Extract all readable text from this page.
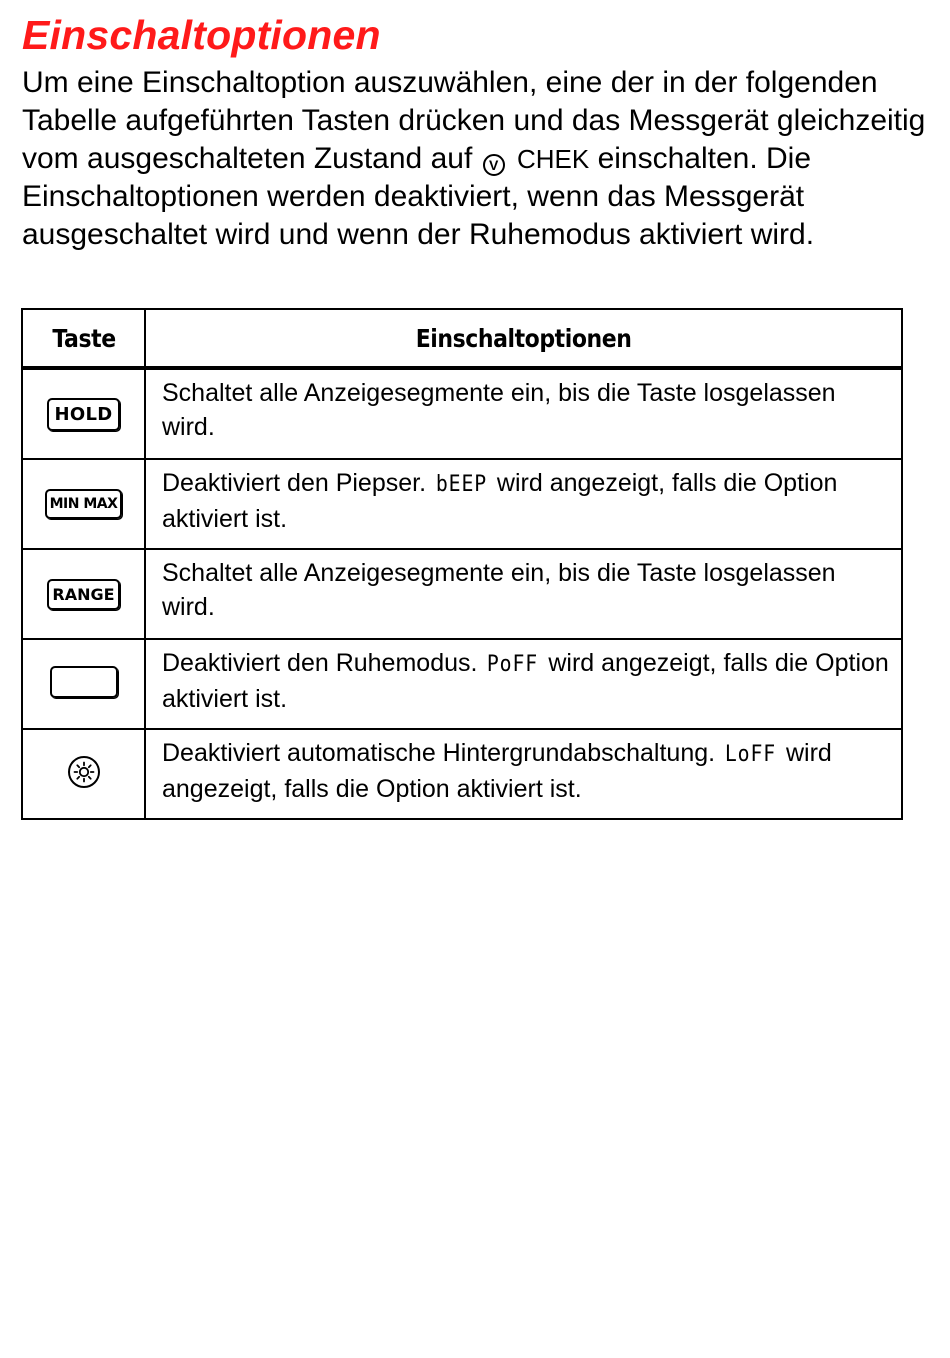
Einschaltoptionen
Um eine Einschaltoption auszuwählen, eine der in der folgenden Tabelle aufgeführten Tasten drücken und das Messgerät gleichzeitig vom ausgeschalteten Zustand auf V CHEK einschalten. Die Einschaltoptionen werden deaktiviert, wenn das Messgerät ausgeschaltet wird und wenn der Ruhemodus aktiviert wird.
Taste	Einschaltoptionen
HOLD	Schaltet alle Anzeigesegmente ein, bis die Taste losgelassen wird.
MIN MAX	Deaktiviert den Piepser. bEEP wird angezeigt, falls die Option aktiviert ist.
RANGE	Schaltet alle Anzeigesegmente ein, bis die Taste losgelassen wird.
	Deaktiviert den Ruhemodus. PoFF wird angezeigt, falls die Option aktiviert ist.

	Deaktiviert automatische Hintergrundabschaltung. LoFF wird angezeigt, falls die Option aktiviert ist.
